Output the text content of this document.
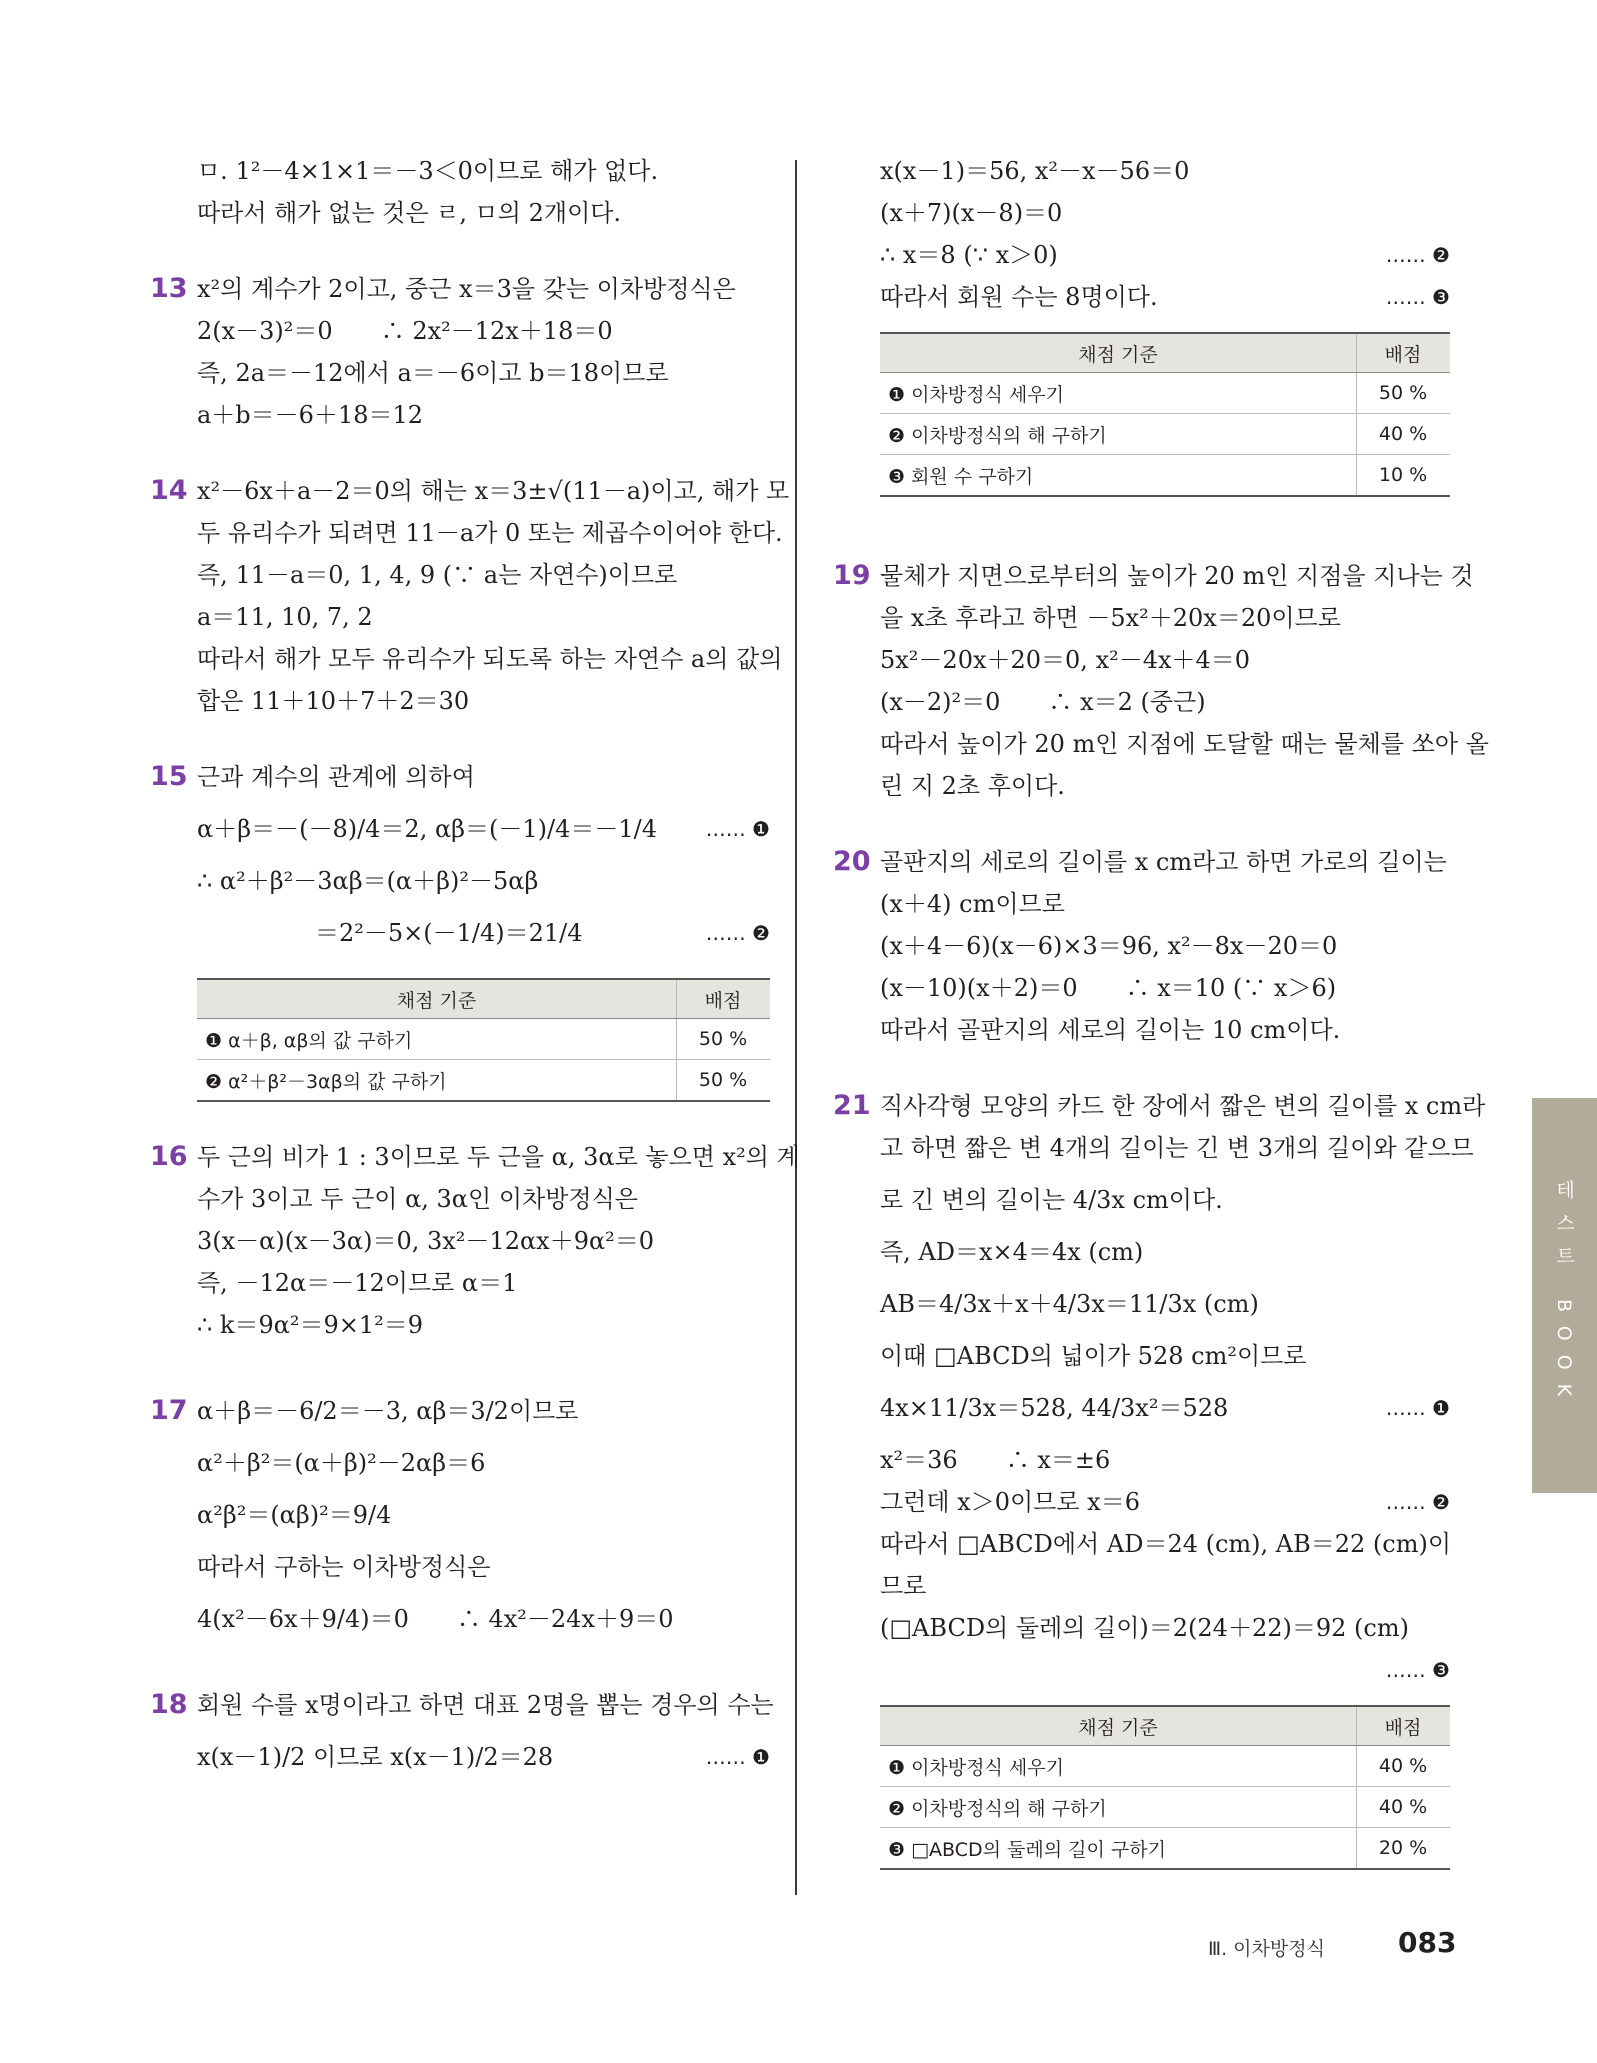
ㅁ. 1²－4×1×1＝－3＜0이므로 해가 없다.
따라서 해가 없는 것은 ㄹ, ㅁ의 2개이다.
13 x²의 계수가 2이고, 중근 x＝3을 갖는 이차방정식은
2(x－3)²＝0　　∴ 2x²－12x＋18＝0
즉, 2a＝－12에서 a＝－6이고 b＝18이므로
a＋b＝－6＋18＝12
14 x²－6x＋a－2＝0의 해는 x＝3±√(11－a)이고, 해가 모
두 유리수가 되려면 11－a가 0 또는 제곱수이어야 한다.
즉, 11－a＝0, 1, 4, 9 (∵ a는 자연수)이므로
a＝11, 10, 7, 2
따라서 해가 모두 유리수가 되도록 하는 자연수 a의 값의
합은 11＋10＋7＋2＝30
15 근과 계수의 관계에 의하여
α＋β＝－(－8)/4＝2, αβ＝(－1)/4＝－1/4 …… ❶
∴ α²＋β²－3αβ＝(α＋β)²－5αβ
＝2²－5×(－1/4)＝21/4	…… ❷
채점 기준	배점
❶ α＋β, αβ의 값 구하기	50 %
❷ α²＋β²－3αβ의 값 구하기	50 %
16 두 근의 비가 1 : 3이므로 두 근을 α, 3α로 놓으면 x²의 계
수가 3이고 두 근이 α, 3α인 이차방정식은
3(x－α)(x－3α)＝0, 3x²－12αx＋9α²＝0
즉, －12α＝－12이므로 α＝1
∴ k＝9α²＝9×1²＝9
17 α＋β＝－6/2＝－3, αβ＝3/2이므로
α²＋β²＝(α＋β)²－2αβ＝6
α²β²＝(αβ)²＝9/4
따라서 구하는 이차방정식은
4(x²－6x＋9/4)＝0　　∴ 4x²－24x＋9＝0
18 회원 수를 x명이라고 하면 대표 2명을 뽑는 경우의 수는
x(x－1)/2 이므로 x(x－1)/2＝28	…… ❶
x(x－1)＝56, x²－x－56＝0
(x＋7)(x－8)＝0
∴ x＝8 (∵ x＞0)	…… ❷
따라서 회원 수는 8명이다.	…… ❸
채점 기준	배점
❶ 이차방정식 세우기	50 %
❷ 이차방정식의 해 구하기	40 %
❸ 회원 수 구하기	10 %
19 물체가 지면으로부터의 높이가 20 m인 지점을 지나는 것
을 x초 후라고 하면 －5x²＋20x＝20이므로
5x²－20x＋20＝0, x²－4x＋4＝0
(x－2)²＝0　　∴ x＝2 (중근)
따라서 높이가 20 m인 지점에 도달할 때는 물체를 쏘아 올
린 지 2초 후이다.
20 골판지의 세로의 길이를 x cm라고 하면 가로의 길이는
(x＋4) cm이므로
(x＋4－6)(x－6)×3＝96, x²－8x－20＝0
(x－10)(x＋2)＝0　　∴ x＝10 (∵ x＞6)
따라서 골판지의 세로의 길이는 10 cm이다.
21 직사각형 모양의 카드 한 장에서 짧은 변의 길이를 x cm라
고 하면 짧은 변 4개의 길이는 긴 변 3개의 길이와 같으므
로 긴 변의 길이는 4/3x cm이다.
즉, AD＝x×4＝4x (cm)
AB＝4/3x＋x＋4/3x＝11/3x (cm)
이때 □ABCD의 넓이가 528 cm²이므로
4x×11/3x＝528, 44/3x²＝528	…… ❶
x²＝36　　∴ x＝±6
그런데 x＞0이므로 x＝6	…… ❷
따라서 □ABCD에서 AD＝24 (cm), AB＝22 (cm)이
므로
(□ABCD의 둘레의 길이)＝2(24＋22)＝92 (cm)
…… ❸
채점 기준	배점
❶ 이차방정식 세우기	40 %
❷ 이차방정식의 해 구하기	40 %
❸ □ABCD의 둘레의 길이 구하기	20 %
테스트 BOOK
Ⅲ. 이차방정식	083
